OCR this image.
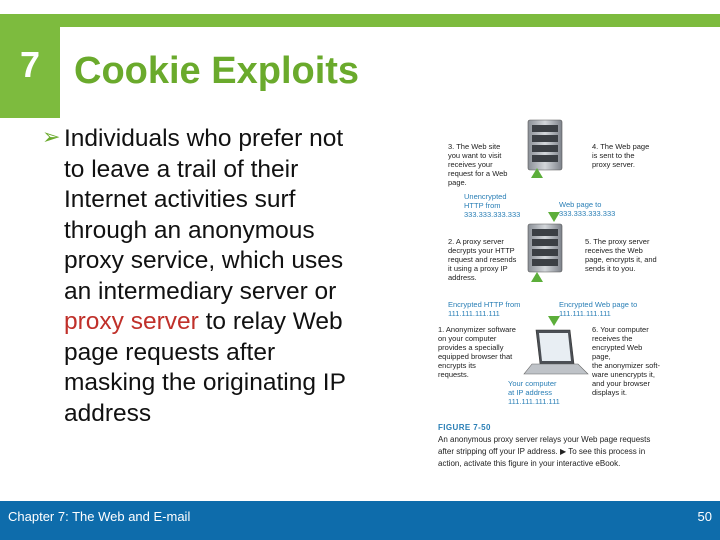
7 Cookie Exploits
➢ Individuals who prefer not to leave a trail of their Internet activities surf through an anonymous proxy service, which uses an intermediary server or proxy server to relay Web page requests after masking the originating IP address
3. The Web site
you want to visit
receives your
request for a Web
page.
4. The Web page
is sent to the
proxy server.
Unencrypted
HTTP from
333.333.333.333
Web page to
333.333.333.333
2. A proxy server
decrypts your HTTP
request and resends
it using a proxy IP
address.
5. The proxy server
receives the Web
page, encrypts it, and
sends it to you.
Encrypted HTTP from
111.111.111.111
Encrypted Web page to
111.111.111.111
1. Anonymizer software
on your computer
provides a specially
equipped browser that
encrypts its
requests.
6. Your computer
receives the
encrypted Web page,
the anonymizer soft-
ware unencrypts it,
and your browser
displays it.
Your computer
at IP address
111.111.111.111
FIGURE 7-50
An anonymous proxy server relays your Web page requests after stripping off your IP address. ▶ To see this process in action, activate this figure in your interactive eBook.
Chapter 7: The Web and E-mail	50
